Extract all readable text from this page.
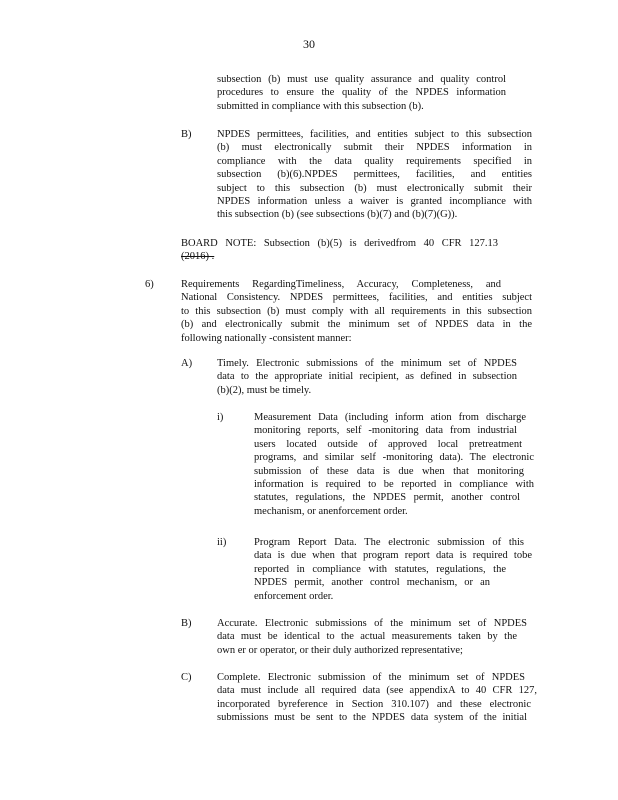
30
subsection (b) must use quality assurance and quality control
procedures to ensure the quality of the NPDES information
submitted in compliance with this subsection (b).
B) NPDES permittees, facilities, and entities subject to this subsection
(b) must electronically submit their NPDES information in
compliance with the data quality requirements specified in
subsection (b)(6).NPDES permittees, facilities, and entities
subject to this subsection (b) must electronically submit their
NPDES information unless a waiver is granted incompliance with
this subsection (b) (see subsections (b)(7) and (b)(7)(G)).
BOARD NOTE: Subsection (b)(5) is derivedfrom 40 CFR 127.13
(2016) .
6)	Requirements RegardingTimeliness, Accuracy, Completeness, and
National Consistency. NPDES permittees, facilities, and entities subject
to this subsection (b) must comply with all requirements in this subsection
(b) and electronically submit the minimum set of NPDES data in the
following nationally -consistent manner:
A) Timely. Electronic submissions of the minimum set of NPDES
data to the appropriate initial recipient, as defined in subsection
(b)(2), must be timely.
i)	Measurement Data (including inform ation from discharge
monitoring reports, self -monitoring data from industrial
users located outside of approved local pretreatment
programs, and similar self -monitoring data). The electronic
submission of these data is due when that monitoring
information is required to be reported in compliance with
statutes, regulations, the NPDES permit, another control
mechanism, or anenforcement order.
ii)	Program Report Data. The electronic submission of this
data is due when that program report data is required tobe
reported in compliance with statutes, regulations, the
NPDES permit, another control mechanism, or an
enforcement order.
B) Accurate. Electronic submissions of the minimum set of NPDES
data must be identical to the actual measurements taken by the
own er or operator, or their duly authorized representative;
C) Complete. Electronic submission of the minimum set of NPDES
data must include all required data (see appendixA to 40 CFR 127,
incorporated byreference in Section 310.107) and these electronic
submissions must be sent to the NPDES data system of the initial
